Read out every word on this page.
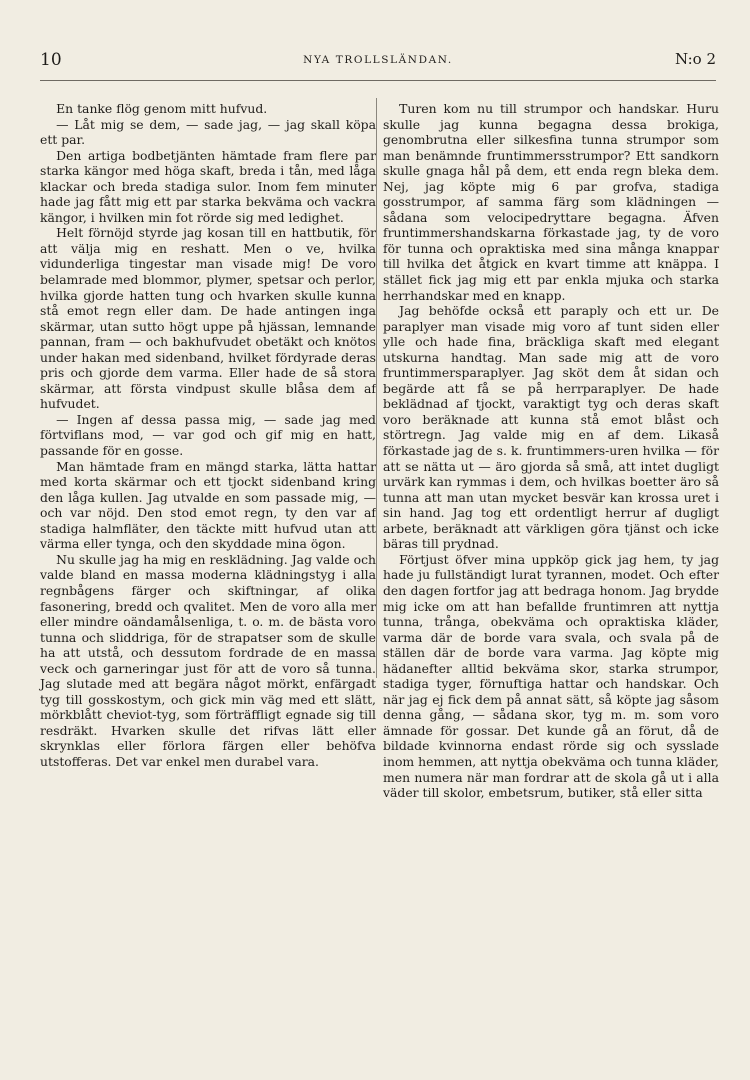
10	NYA TROLLSLÄNDAN.	N:o 2

En tanke flög genom mitt hufvud.

— Låt mig se dem, — sade jag, — jag skall köpa ett par.

Den artiga bodbetjänten hämtade fram flere par starka kängor med höga skaft, breda i tån, med låga klackar och breda stadiga sulor. Inom fem minuter hade jag fått mig ett par starka bekväma och vackra kängor, i hvilken min fot rörde sig med ledighet.

Helt förnöjd styrde jag kosan till en hattbutik, för att välja mig en reshatt. Men o ve, hvilka vidunderliga tingestar man visade mig! De voro belamrade med blommor, plymer, spetsar och perlor, hvilka gjorde hatten tung och hvarken skulle kunna stå emot regn eller dam. De hade antingen inga skärmar, utan sutto högt uppe på hjässan, lemnande pannan, fram — och bakhufvudet obetäkt och knötos under hakan med sidenband, hvilket fördyrade deras pris och gjorde dem varma. Eller hade de så stora skärmar, att första vindpust skulle blåsa dem af hufvudet.

— Ingen af dessa passa mig, — sade jag med förtviflans mod, — var god och gif mig en hatt, passande för en gosse.

Man hämtade fram en mängd starka, lätta hattar med korta skärmar och ett tjockt sidenband kring den låga kullen. Jag utvalde en som passade mig, — och var nöjd. Den stod emot regn, ty den var af stadiga halmfläter, den täckte mitt hufvud utan att värma eller tynga, och den skyddade mina ögon.

Nu skulle jag ha mig en resklädning. Jag valde och valde bland en massa moderna klädningstyg i alla regnbågens färger och skiftningar, af olika fasonering, bredd och qvalitet. Men de voro alla mer eller mindre oändamålsenliga, t. o. m. de bästa voro tunna och sliddriga, för de strapatser som de skulle ha att utstå, och dessutom fordrade de en massa veck och garneringar just för att de voro så tunna. Jag slutade med att begära något mörkt, enfärgadt tyg till gosskostym, och gick min väg med ett slätt, mörkblått cheviot-tyg, som förträffligt egnade sig till resdräkt. Hvarken skulle det rifvas lätt eller skrynklas eller förlora färgen eller behöfva utstofferas. Det var enkel men durabel vara.

Turen kom nu till strumpor och handskar. Huru skulle jag kunna begagna dessa brokiga, genombrutna eller silkesfina tunna strumpor som man benämnde fruntimmersstrumpor? Ett sandkorn skulle gnaga hål på dem, ett enda regn bleka dem. Nej, jag köpte mig 6 par grofva, stadiga gosstrumpor, af samma färg som klädningen — sådana som velocipedryttare begagna. Äfven fruntimmershandskarna förkastade jag, ty de voro för tunna och opraktiska med sina många knappar till hvilka det åtgick en kvart timme att knäppa. I stället fick jag mig ett par enkla mjuka och starka herrhandskar med en knapp.

Jag behöfde också ett paraply och ett ur. De paraplyer man visade mig voro af tunt siden eller ylle och hade fina, bräckliga skaft med elegant utskurna handtag. Man sade mig att de voro fruntimmersparaplyer. Jag sköt dem åt sidan och begärde att få se på herrparaplyer. De hade beklädnad af tjockt, varaktigt tyg och deras skaft voro beräknade att kunna stå emot blåst och störtregn. Jag valde mig en af dem. Likaså förkastade jag de s. k. fruntimmers-uren hvilka — för att se nätta ut — äro gjorda så små, att intet dugligt urvärk kan rymmas i dem, och hvilkas boetter äro så tunna att man utan mycket besvär kan krossa uret i sin hand. Jag tog ett ordentligt herrur af dugligt arbete, beräknadt att värkligen göra tjänst och icke bäras till prydnad.

Förtjust öfver mina uppköp gick jag hem, ty jag hade ju fullständigt lurat tyrannen, modet. Och efter den dagen fortfor jag att bedraga honom. Jag brydde mig icke om att han befallde fruntimren att nyttja tunna, trånga, obekväma och opraktiska kläder, varma där de borde vara svala, och svala på de ställen där de borde vara varma. Jag köpte mig hädanefter alltid bekväma skor, starka strumpor, stadiga tyger, förnuftiga hattar och handskar. Och när jag ej fick dem på annat sätt, så köpte jag såsom denna gång, — sådana skor, tyg m. m. som voro ämnade för gossar. Det kunde gå an förut, då de bildade kvinnorna endast rörde sig och sysslade inom hemmen, att nyttja obekväma och tunna kläder, men numera när man fordrar att de skola gå ut i alla väder till skolor, embetsrum, butiker, stå eller sitta
